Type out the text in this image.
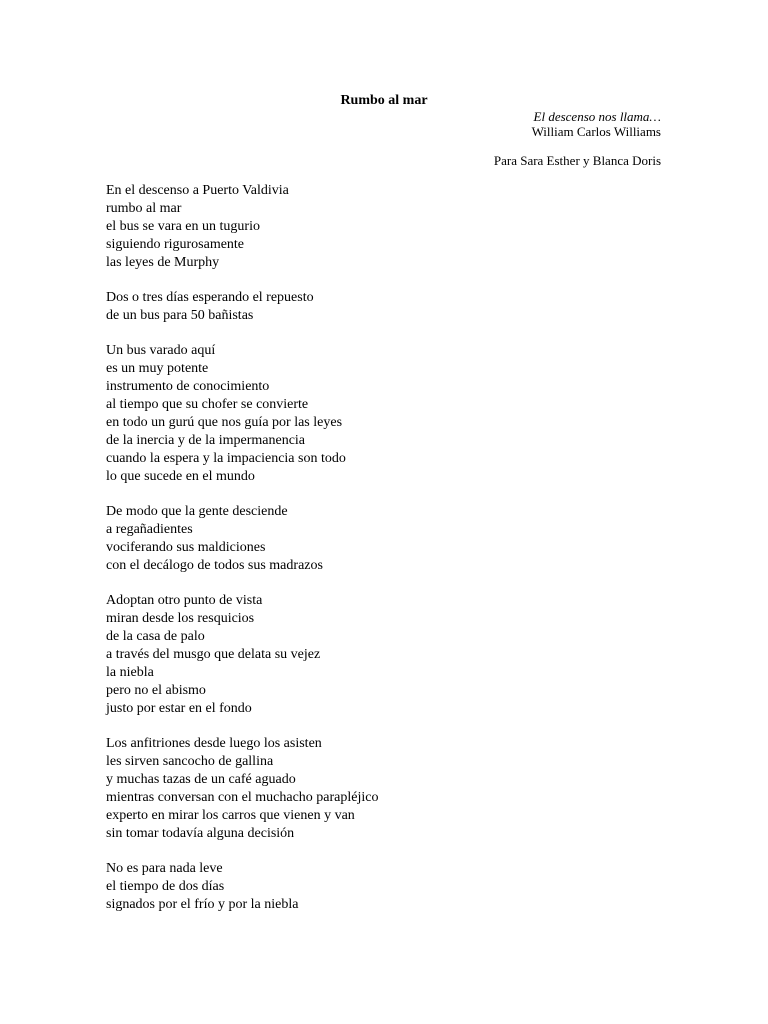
Rumbo al mar
El descenso nos llama…
William Carlos Williams
Para Sara Esther y Blanca Doris
En el descenso a Puerto Valdivia
rumbo al mar
el bus se vara en un tugurio
siguiendo rigurosamente
las leyes de Murphy
Dos o tres días esperando el repuesto
de un bus para 50 bañistas
Un bus varado aquí
es un muy potente
instrumento de conocimiento
al tiempo que su chofer se convierte
en todo un gurú que nos guía por las leyes
de la inercia y de la impermanencia
cuando la espera y la impaciencia son todo
lo que sucede en el mundo
De modo que la gente desciende
a regañadientes
vociferando sus maldiciones
con el decálogo de todos sus madrazos
Adoptan otro punto de vista
miran desde los resquicios
de la casa de palo
a través del musgo que delata su vejez
la niebla
pero no el abismo
justo por estar en el fondo
Los anfitriones desde luego los asisten
les sirven sancocho de gallina
y muchas tazas de un café aguado
mientras conversan con el muchacho parapléjico
experto en mirar los carros que vienen y van
sin tomar todavía alguna decisión
No es para nada leve
el tiempo de dos días
signados por el frío y por la niebla
